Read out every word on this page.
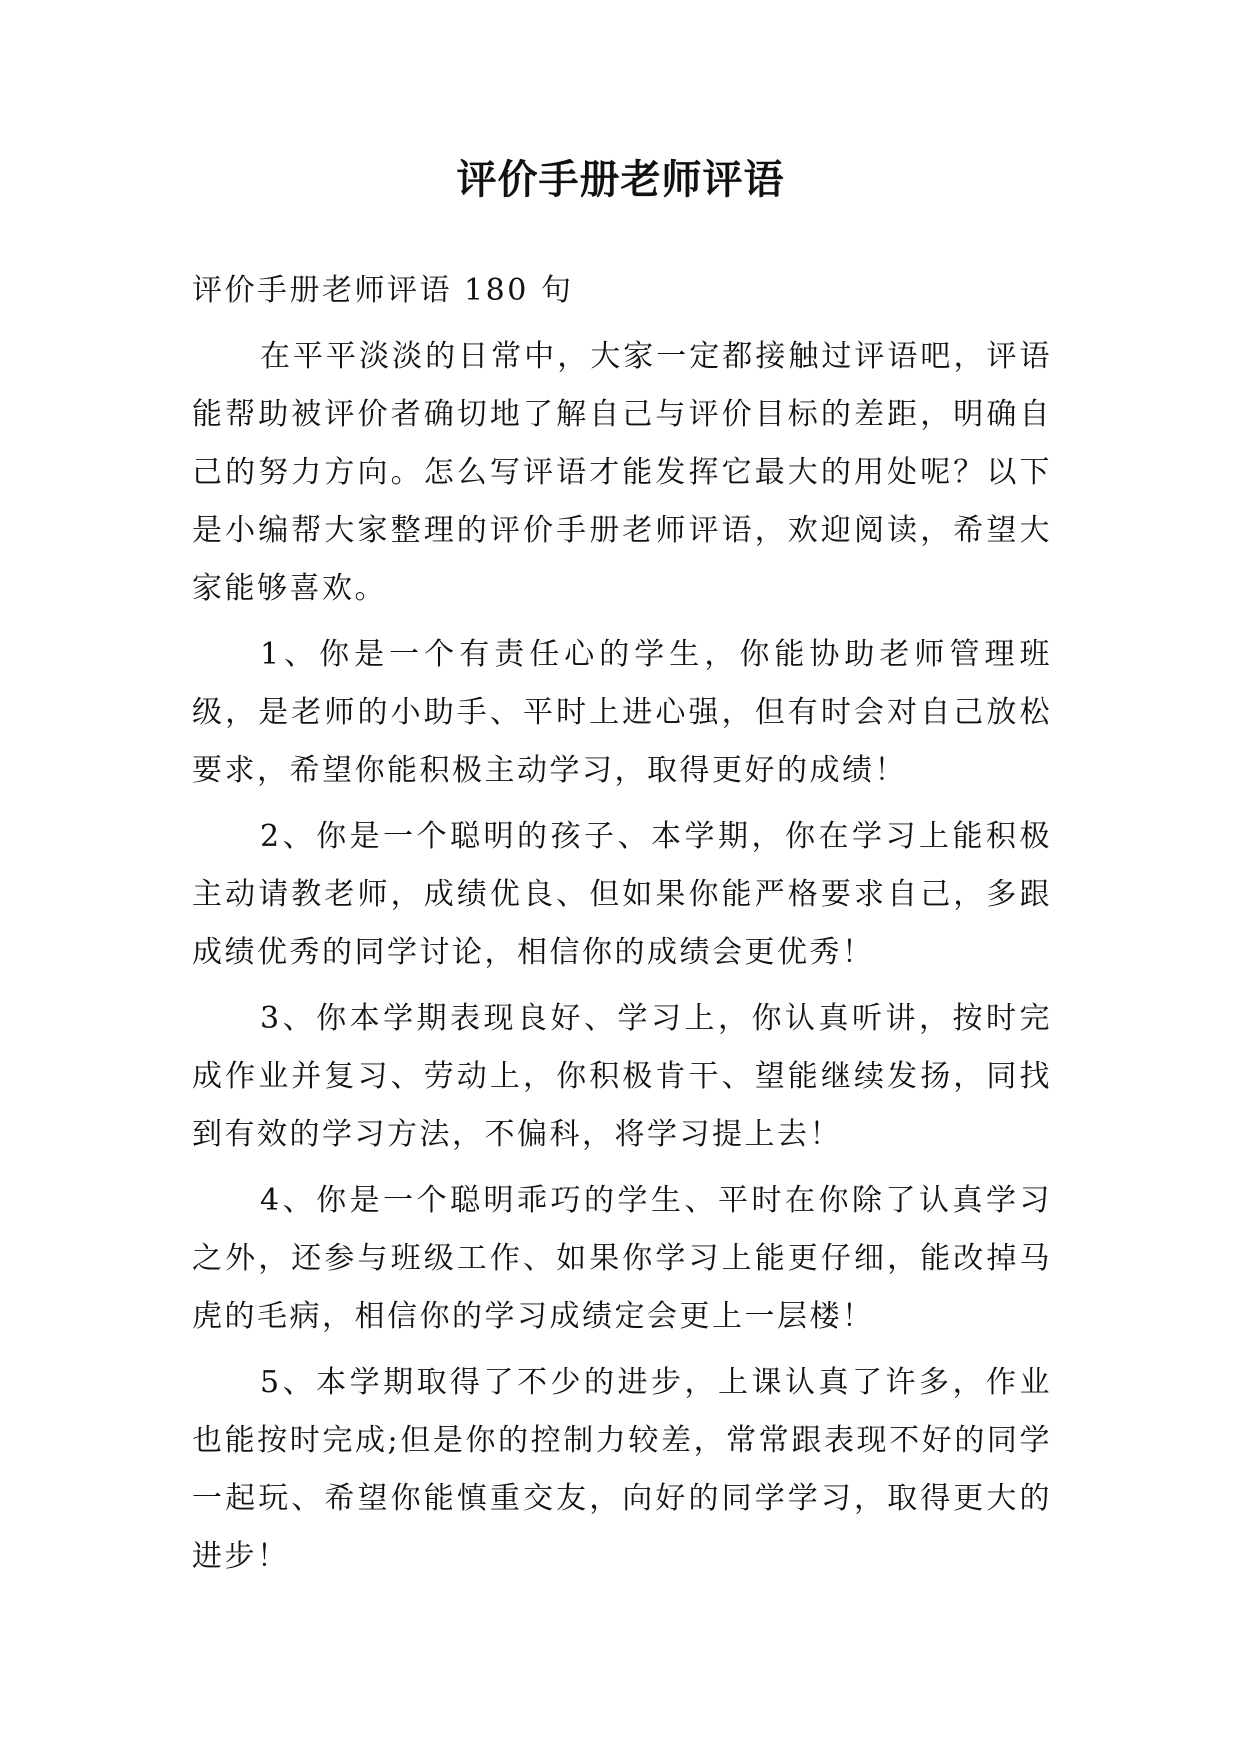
评价手册老师评语

评价手册老师评语 180 句

在平平淡淡的日常中，大家一定都接触过评语吧，评语能帮助被评价者确切地了解自己与评价目标的差距，明确自己的努力方向。怎么写评语才能发挥它最大的用处呢？以下是小编帮大家整理的评价手册老师评语，欢迎阅读，希望大家能够喜欢。

1、你是一个有责任心的学生，你能协助老师管理班级，是老师的小助手、平时上进心强，但有时会对自己放松要求，希望你能积极主动学习，取得更好的成绩！

2、你是一个聪明的孩子、本学期，你在学习上能积极主动请教老师，成绩优良、但如果你能严格要求自己，多跟成绩优秀的同学讨论，相信你的成绩会更优秀！

3、你本学期表现良好、学习上，你认真听讲，按时完成作业并复习、劳动上，你积极肯干、望能继续发扬，同找到有效的学习方法，不偏科，将学习提上去！

4、你是一个聪明乖巧的学生、平时在你除了认真学习之外，还参与班级工作、如果你学习上能更仔细，能改掉马虎的毛病，相信你的学习成绩定会更上一层楼！

5、本学期取得了不少的进步，上课认真了许多，作业也能按时完成;但是你的控制力较差，常常跟表现不好的同学一起玩、希望你能慎重交友，向好的同学学习，取得更大的进步！
